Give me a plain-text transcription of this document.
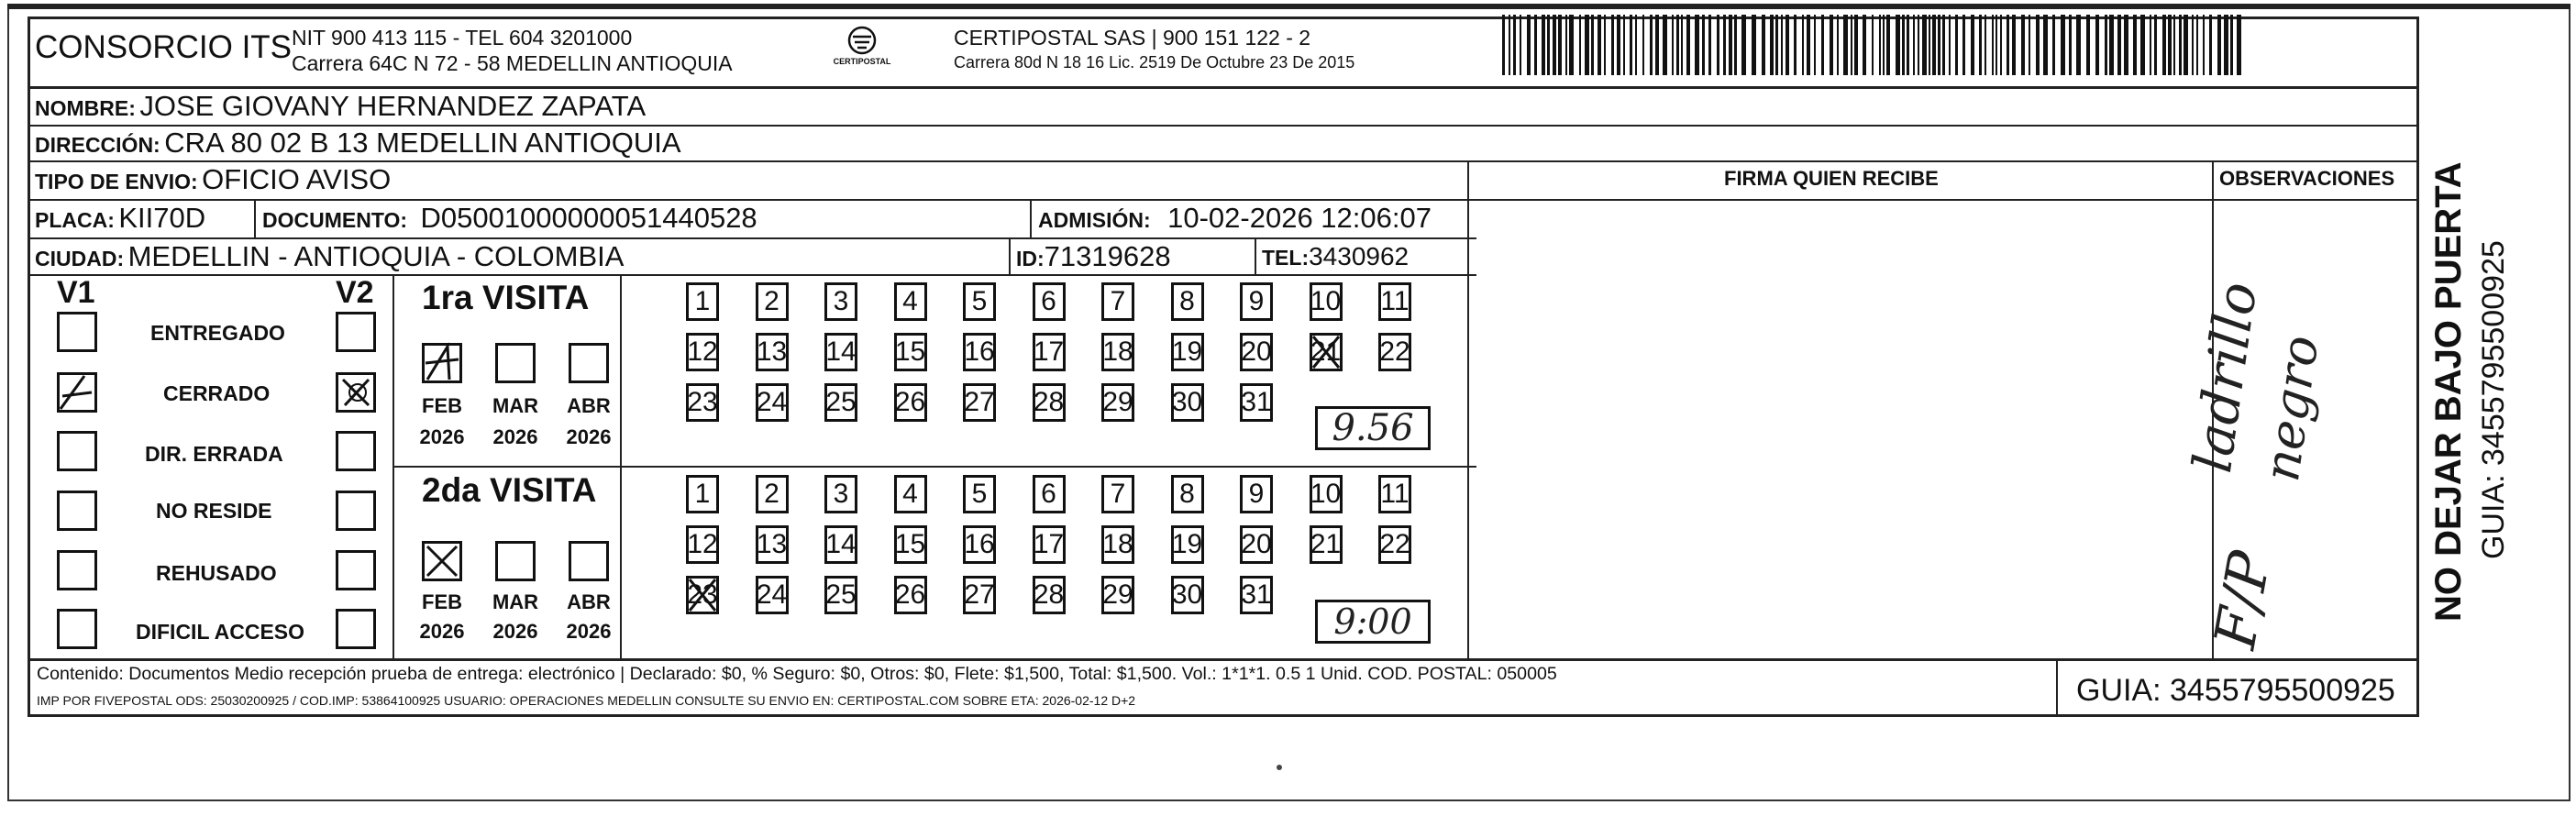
CONSORCIO ITS NIT 900 413 115 - TEL 604 3201000
Carrera 64C N 72 - 58 MEDELLIN ANTIOQUIA	CERTIPOSTAL
CERTIPOSTAL SAS | 900 151 122 - 2
Carrera 80d N 18 16 Lic. 2519 De Octubre 23 De 2015
NOMBRE: JOSE GIOVANY HERNANDEZ ZAPATA
DIRECCIÓN: CRA 80 02 B 13 MEDELLIN ANTIOQUIA
TIPO DE ENVIO: OFICIO AVISO
PLACA: KII70D	DOCUMENTO: D05001000000051440528	ADMISIÓN: 10-02-2026 12:06:07
CIUDAD: MEDELLIN - ANTIOQUIA - COLOMBIA	ID:71319628	TEL:3430962
FIRMA QUIEN RECIBE	OBSERVACIONES
V1	V2
ENTREGADO
CERRADO
DIR. ERRADA
NO RESIDE
REHUSADO
DIFICIL ACCESO
1ra VISITA
FEB	MAR ABR
2026 2026 2026
2da VISITA
FEB	MAR ABR
2026 2026 2026
1 2 3 4 5 6 7 8 9 10 11
12 13 14 15 16 17 18 19 20 21 22
23 24 25 26 27 28 29 30 31
1 2 3 4 5 6 7 8 9 10 11
12 13 14 15 16 17 18 19 20 21 22
23 24 25 26 27 28 29 30 31
9.56
9:00
ladrillo
negro
F/P
Contenido: Documentos Medio recepción prueba de entrega: electrónico | Declarado: $0, % Seguro: $0, Otros: $0, Flete: $1,500, Total: $1,500. Vol.: 1*1*1. 0.5 1 Unid. COD. POSTAL: 050005
IMP POR FIVEPOSTAL ODS: 25030200925 / COD.IMP: 53864100925 USUARIO: OPERACIONES MEDELLIN CONSULTE SU ENVIO EN: CERTIPOSTAL.COM SOBRE ETA: 2026-02-12 D+2	GUIA: 3455795500925
NO DEJAR BAJO PUERTA GUIA: 3455795500925
